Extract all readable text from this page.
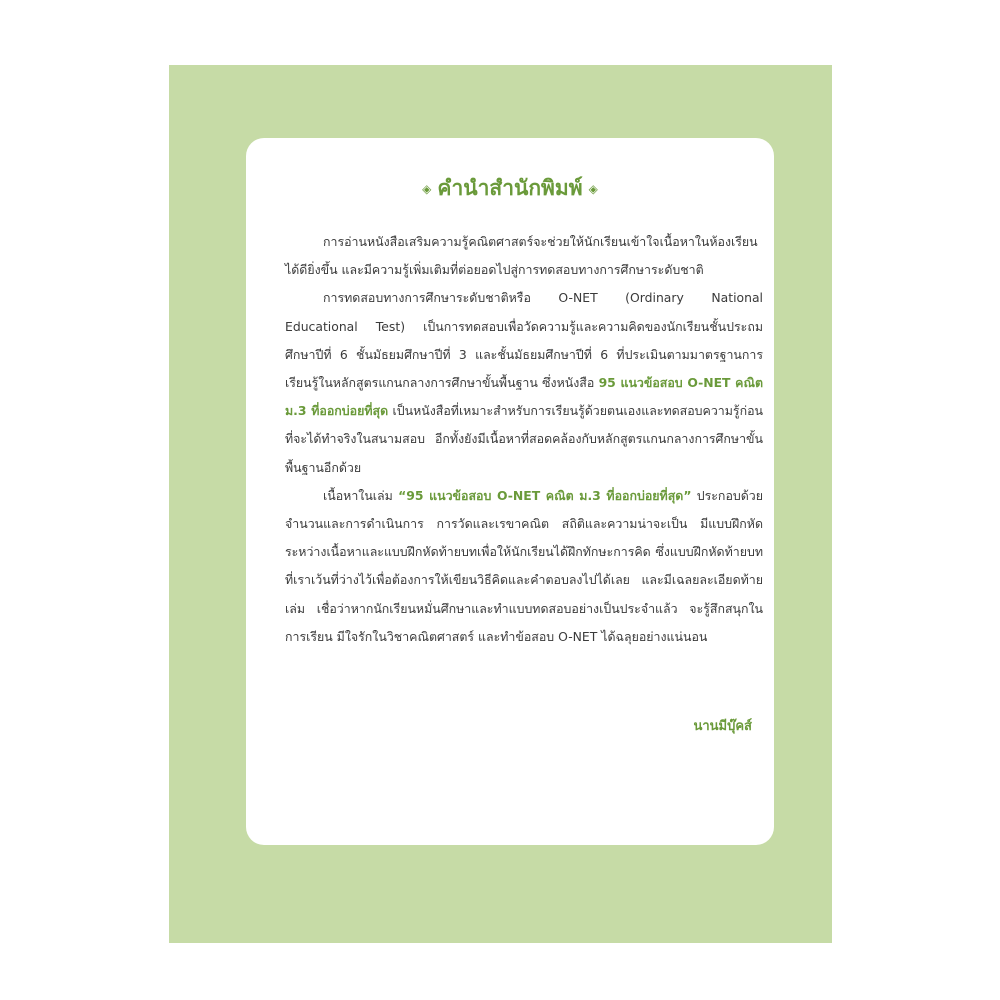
◈ คำนำสำนักพิมพ์ ◈

การอ่านหนังสือเสริมความรู้คณิตศาสตร์จะช่วยให้นักเรียนเข้าใจเนื้อหาในห้องเรียนได้ดียิ่งขึ้น และมีความรู้เพิ่มเติมที่ต่อยอดไปสู่การทดสอบทางการศึกษาระดับชาติ

การทดสอบทางการศึกษาระดับชาติหรือ O-NET (Ordinary National Educational Test) เป็นการทดสอบเพื่อวัดความรู้และความคิดของนักเรียนชั้นประถมศึกษาปีที่ 6 ชั้นมัธยมศึกษาปีที่ 3 และชั้นมัธยมศึกษาปีที่ 6 ที่ประเมินตามมาตรฐานการเรียนรู้ในหลักสูตรแกนกลางการศึกษาขั้นพื้นฐาน ซึ่งหนังสือ 95 แนวข้อสอบ O-NET คณิต ม.3 ที่ออกบ่อยที่สุด เป็นหนังสือที่เหมาะสำหรับการเรียนรู้ด้วยตนเองและทดสอบความรู้ก่อนที่จะได้ทำจริงในสนามสอบ อีกทั้งยังมีเนื้อหาที่สอดคล้องกับหลักสูตรแกนกลางการศึกษาขั้นพื้นฐานอีกด้วย

เนื้อหาในเล่ม “95 แนวข้อสอบ O-NET คณิต ม.3 ที่ออกบ่อยที่สุด” ประกอบด้วยจำนวนและการดำเนินการ การวัดและเรขาคณิต สถิติและความน่าจะเป็น มีแบบฝึกหัดระหว่างเนื้อหาและแบบฝึกหัดท้ายบทเพื่อให้นักเรียนได้ฝึกทักษะการคิด ซึ่งแบบฝึกหัดท้ายบทที่เราเว้นที่ว่างไว้เพื่อต้องการให้เขียนวิธีคิดและคำตอบลงไปได้เลย และมีเฉลยละเอียดท้ายเล่ม เชื่อว่าหากนักเรียนหมั่นศึกษาและทำแบบทดสอบอย่างเป็นประจำแล้ว จะรู้สึกสนุกในการเรียน มีใจรักในวิชาคณิตศาสตร์ และทำข้อสอบ O-NET ได้ฉลุยอย่างแน่นอน

นานมีบุ๊คส์
